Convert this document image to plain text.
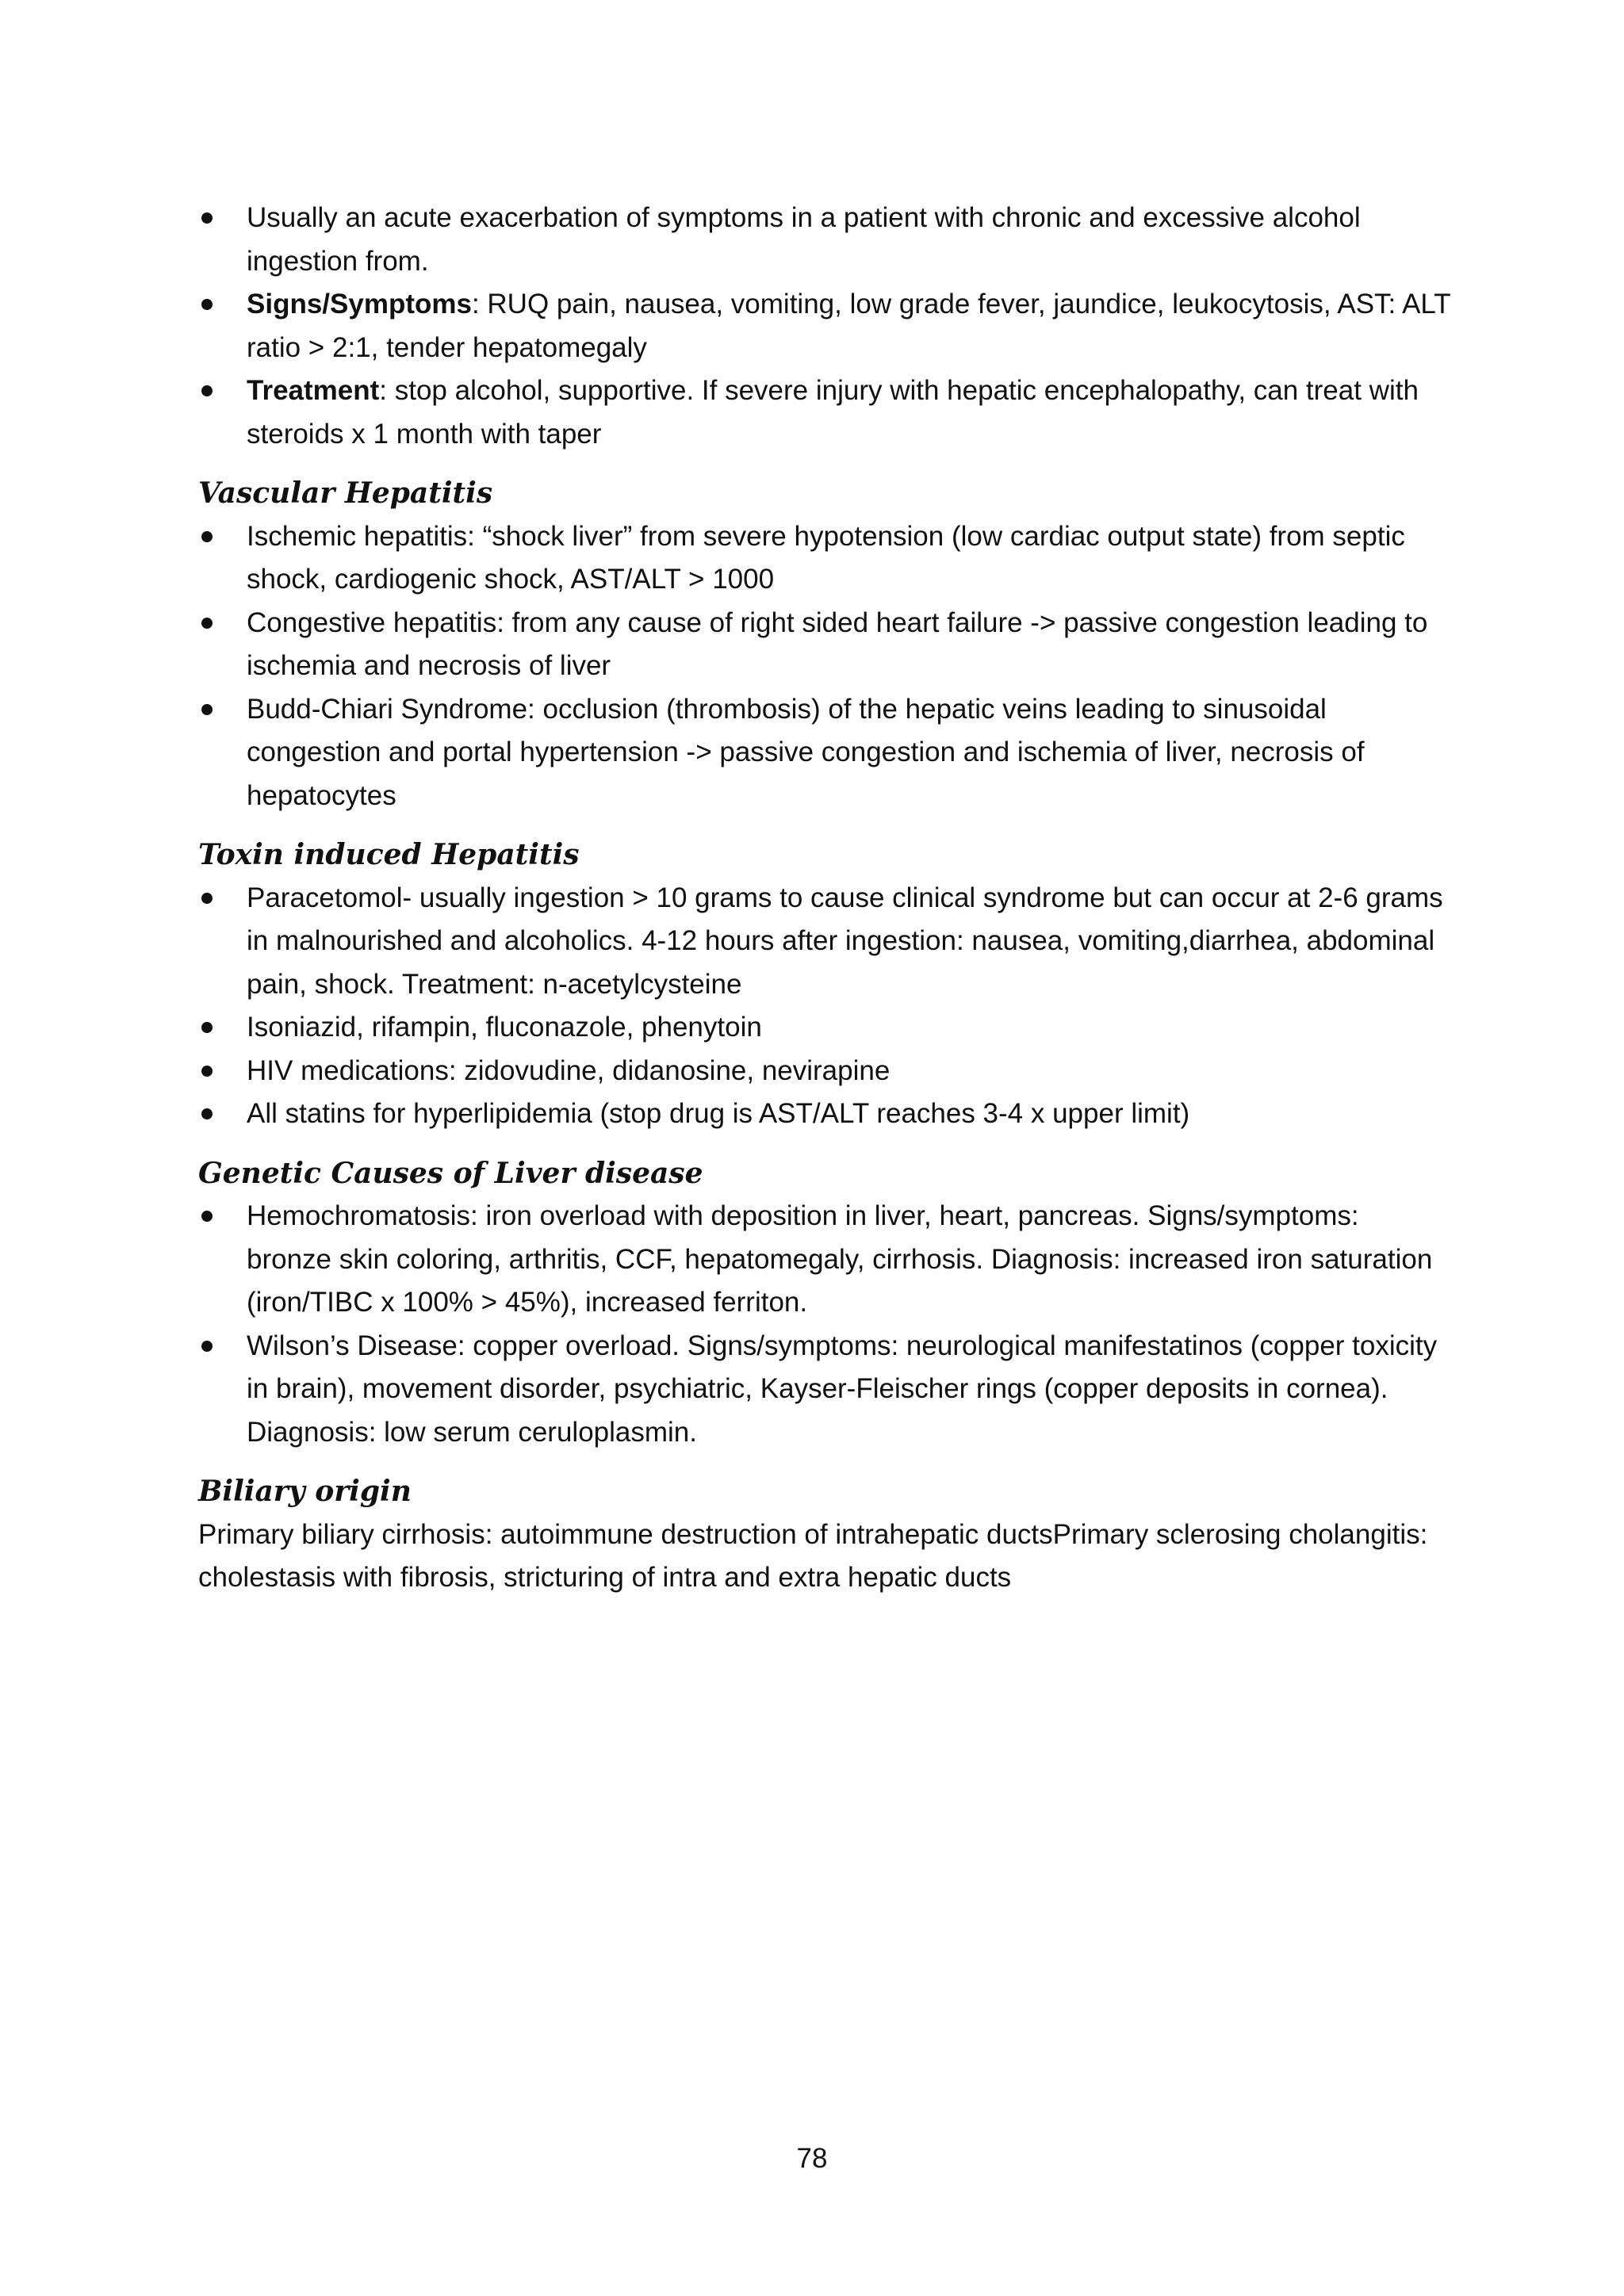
Usually an acute exacerbation of symptoms in a patient with chronic and excessive alcohol ingestion from.
Signs/Symptoms: RUQ pain, nausea, vomiting, low grade fever, jaundice, leukocytosis, AST: ALT ratio > 2:1, tender hepatomegaly
Treatment: stop alcohol, supportive. If severe injury with hepatic encephalopathy, can treat with steroids x 1 month with taper
Vascular Hepatitis
Ischemic hepatitis: “shock liver” from severe hypotension (low cardiac output state) from septic shock, cardiogenic shock, AST/ALT > 1000
Congestive hepatitis: from any cause of right sided heart failure -> passive congestion leading to ischemia and necrosis of liver
Budd-Chiari Syndrome: occlusion (thrombosis) of the hepatic veins leading to sinusoidal congestion and portal hypertension -> passive congestion and ischemia of liver, necrosis of hepatocytes
Toxin induced Hepatitis
Paracetomol- usually ingestion > 10 grams to cause clinical syndrome but can occur at 2-6 grams in malnourished and alcoholics. 4-12 hours after ingestion: nausea, vomiting,diarrhea, abdominal pain, shock. Treatment: n-acetylcysteine
Isoniazid, rifampin, fluconazole, phenytoin
HIV medications: zidovudine, didanosine, nevirapine
All statins for hyperlipidemia (stop drug is AST/ALT reaches 3-4 x upper limit)
Genetic Causes of Liver disease
Hemochromatosis: iron overload with deposition in liver, heart, pancreas. Signs/symptoms: bronze skin coloring, arthritis, CCF, hepatomegaly, cirrhosis. Diagnosis: increased iron saturation (iron/TIBC x 100% > 45%), increased ferriton.
Wilson’s Disease: copper overload. Signs/symptoms: neurological manifestatinos (copper toxicity in brain), movement disorder, psychiatric, Kayser-Fleischer rings (copper deposits in cornea). Diagnosis: low serum ceruloplasmin.
Biliary origin

Primary biliary cirrhosis: autoimmune destruction of intrahepatic ductsPrimary sclerosing cholangitis: cholestasis with fibrosis, stricturing of intra and extra hepatic ducts

78
